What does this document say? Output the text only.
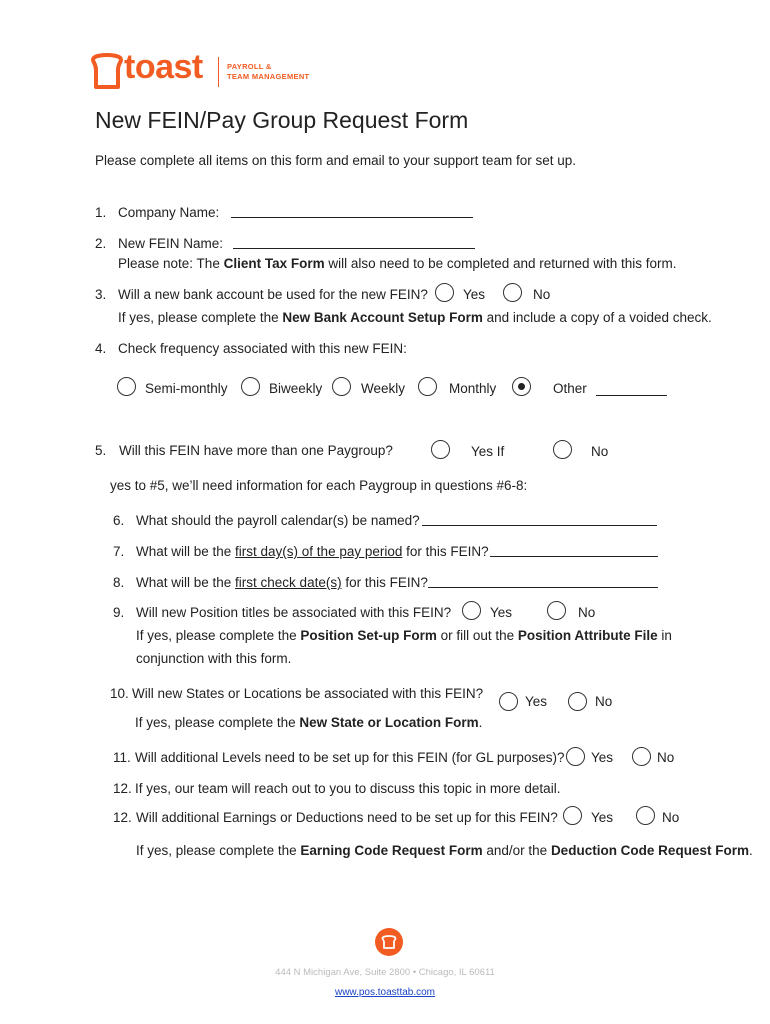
toast	PAYROLL &
TEAM MANAGEMENT
New FEIN/Pay Group Request Form
Please complete all items on this form and email to your support team for set up.
1. Company Name:
2. New FEIN Name:
Please note: The Client Tax Form will also need to be completed and returned with this form.
3. Will a new bank account be used for the new FEIN?	Yes	No
If yes, please complete the New Bank Account Setup Form and include a copy of a voided check.
4. Check frequency associated with this new FEIN:
Semi-monthly	Biweekly	Weekly	Monthly	Other
5. Will this FEIN have more than one Paygroup?	Yes If	No
yes to #5, we’ll need information for each Paygroup in questions #6-8:
6. What should the payroll calendar(s) be named?
7. What will be the first day(s) of the pay period for this FEIN?
8. What will be the first check date(s) for this FEIN?
9. Will new Position titles be associated with this FEIN?	Yes	No
If yes, please complete the Position Set-up Form or fill out the Position Attribute File in
conjunction with this form.
10. Will new States or Locations be associated with this FEIN?
Yes	No
If yes, please complete the New State or Location Form.
11. Will additional Levels need to be set up for this FEIN (for GL purposes)? Yes	No
12. If yes, our team will reach out to you to discuss this topic in more detail.
12. Will additional Earnings or Deductions need to be set up for this FEIN? Yes	No
If yes, please complete the Earning Code Request Form and/or the Deduction Code Request Form.
444 N Michigan Ave, Suite 2800 • Chicago, IL 60611
www.pos.toasttab.com
